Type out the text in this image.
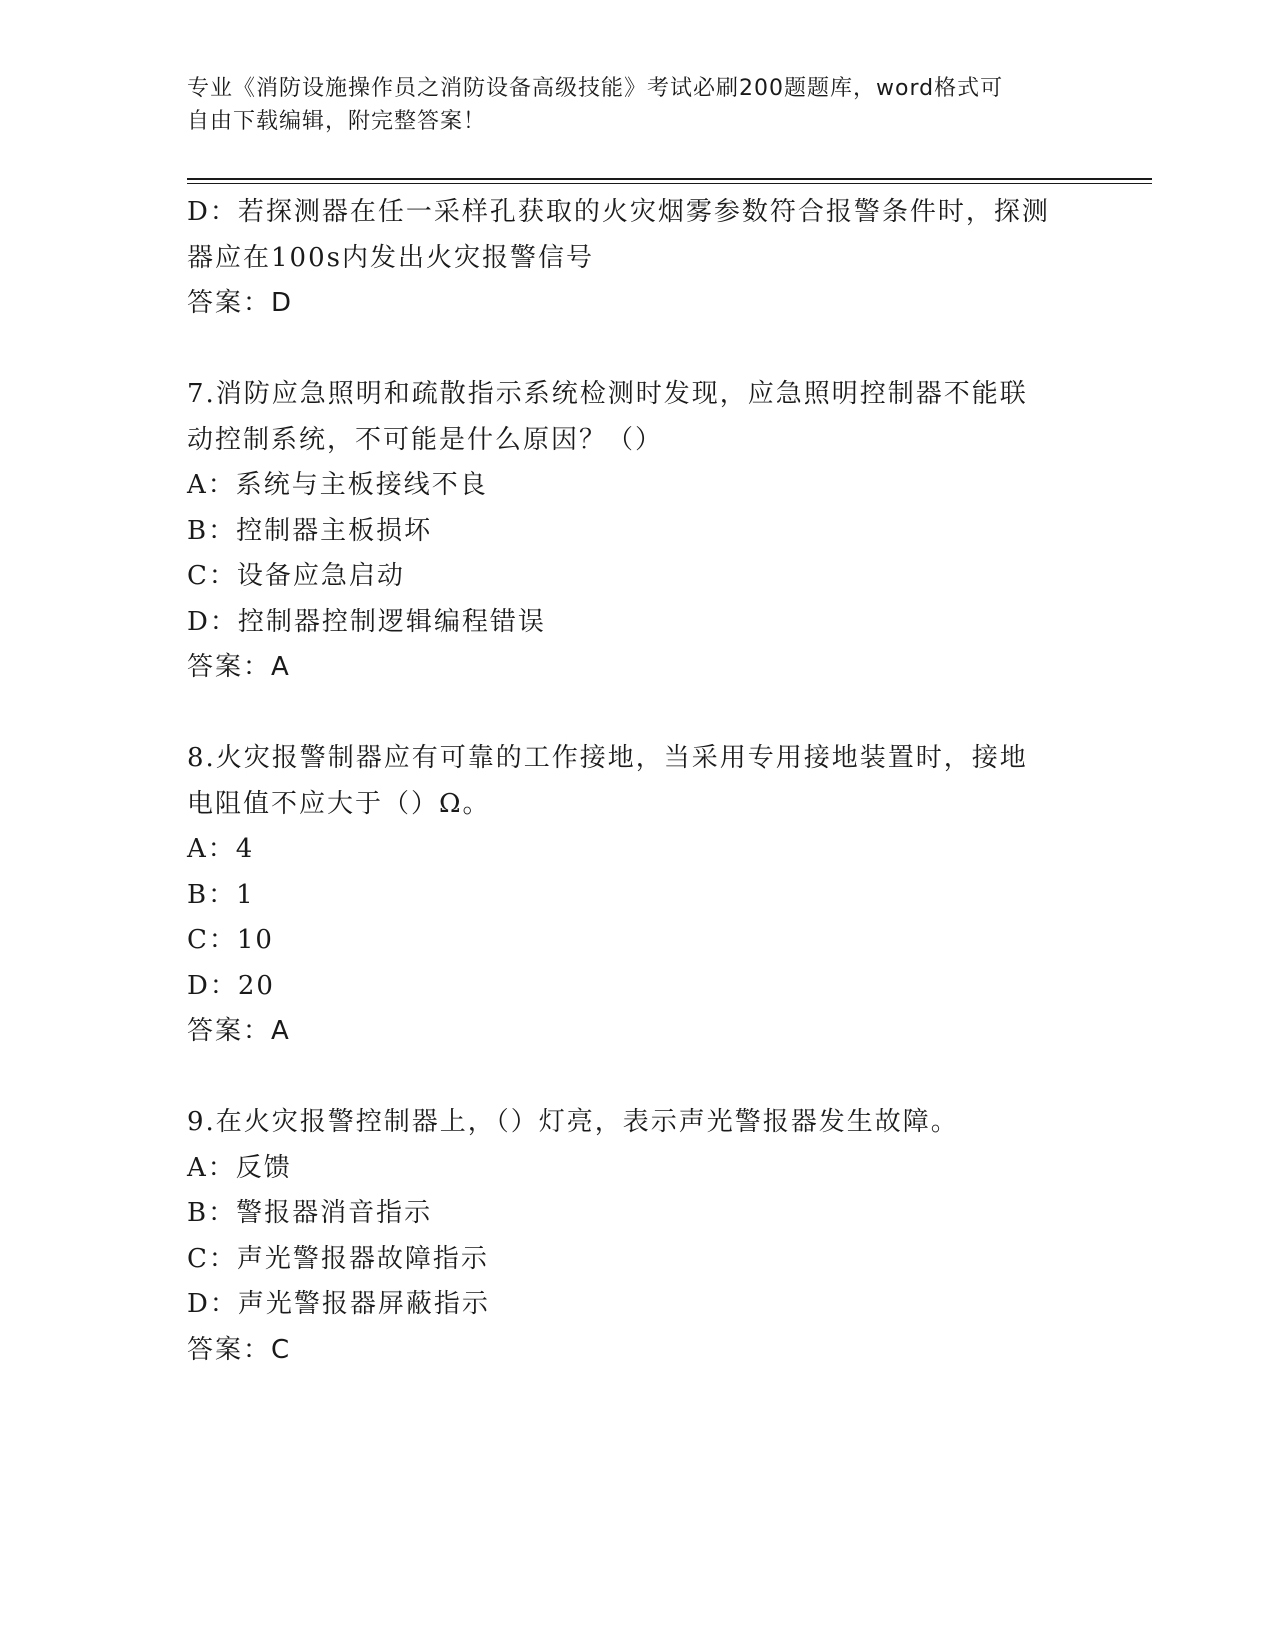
专业《消防设施操作员之消防设备高级技能》考试必刷200题题库，word格式可
自由下载编辑，附完整答案！
D：若探测器在任一采样孔获取的火灾烟雾参数符合报警条件时，探测
器应在100s内发出火灾报警信号
答案：D
7.消防应急照明和疏散指示系统检测时发现，应急照明控制器不能联
动控制系统，不可能是什么原因？（）
A：系统与主板接线不良
B：控制器主板损坏
C：设备应急启动
D：控制器控制逻辑编程错误
答案：A
8.火灾报警制器应有可靠的工作接地，当采用专用接地装置时，接地
电阻值不应大于（）Ω。
A：4
B：1
C：10
D：20
答案：A
9.在火灾报警控制器上，（）灯亮，表示声光警报器发生故障。
A：反馈
B：警报器消音指示
C：声光警报器故障指示
D：声光警报器屏蔽指示
答案：C
